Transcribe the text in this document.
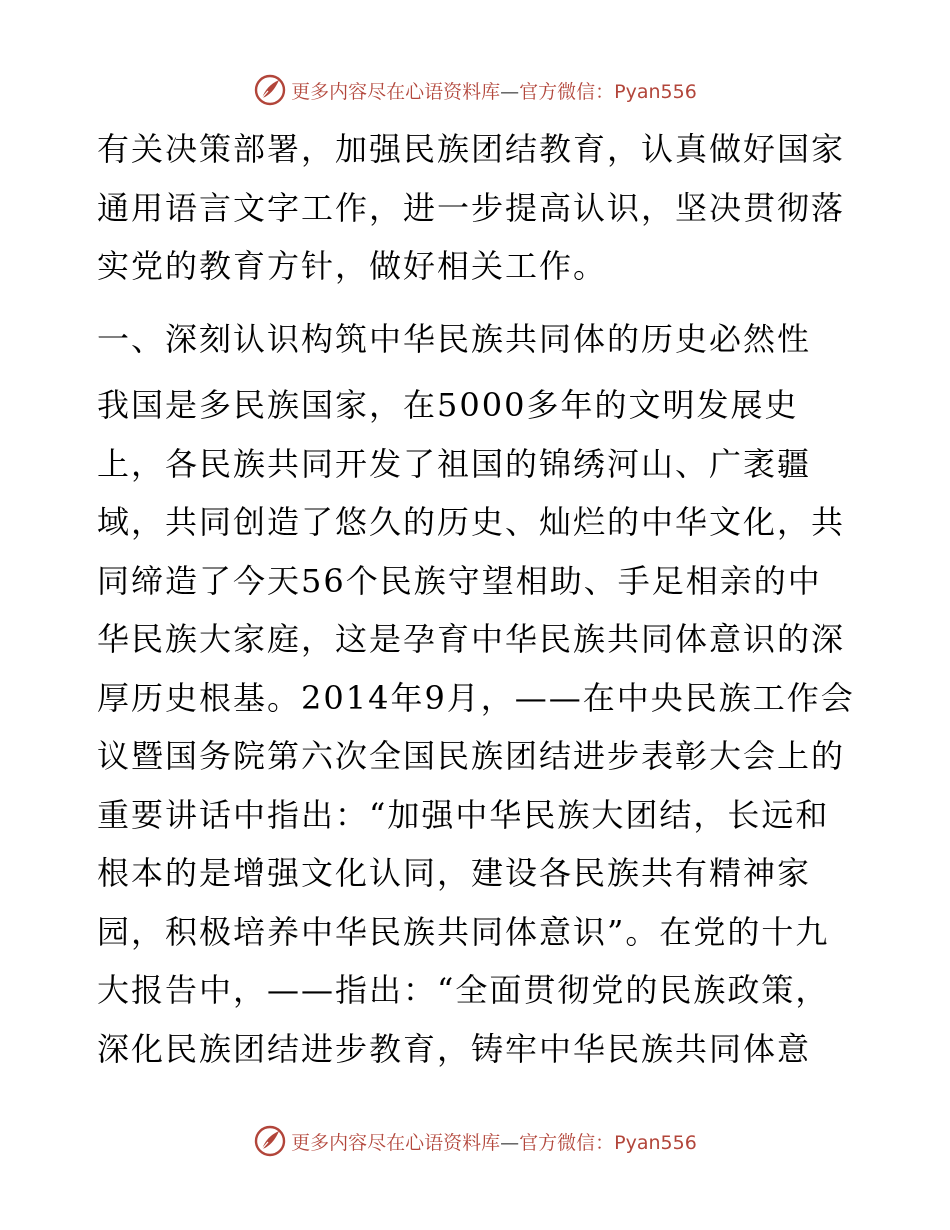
更多内容尽在心语资料库—官方微信：Pyan556
有关决策部署，加强民族团结教育，认真做好国家
通用语言文字工作，进一步提高认识，坚决贯彻落
实党的教育方针，做好相关工作。
一、深刻认识构筑中华民族共同体的历史必然性
我国是多民族国家，在5000多年的文明发展史
上，各民族共同开发了祖国的锦绣河山、广袤疆
域，共同创造了悠久的历史、灿烂的中华文化，共
同缔造了今天56个民族守望相助、手足相亲的中
华民族大家庭，这是孕育中华民族共同体意识的深
厚历史根基。2014年9月，——在中央民族工作会
议暨国务院第六次全国民族团结进步表彰大会上的
重要讲话中指出：“加强中华民族大团结，长远和
根本的是增强文化认同，建设各民族共有精神家
园，积极培养中华民族共同体意识”。在党的十九
大报告中，——指出：“全面贯彻党的民族政策，
深化民族团结进步教育，铸牢中华民族共同体意
更多内容尽在心语资料库—官方微信：Pyan556
